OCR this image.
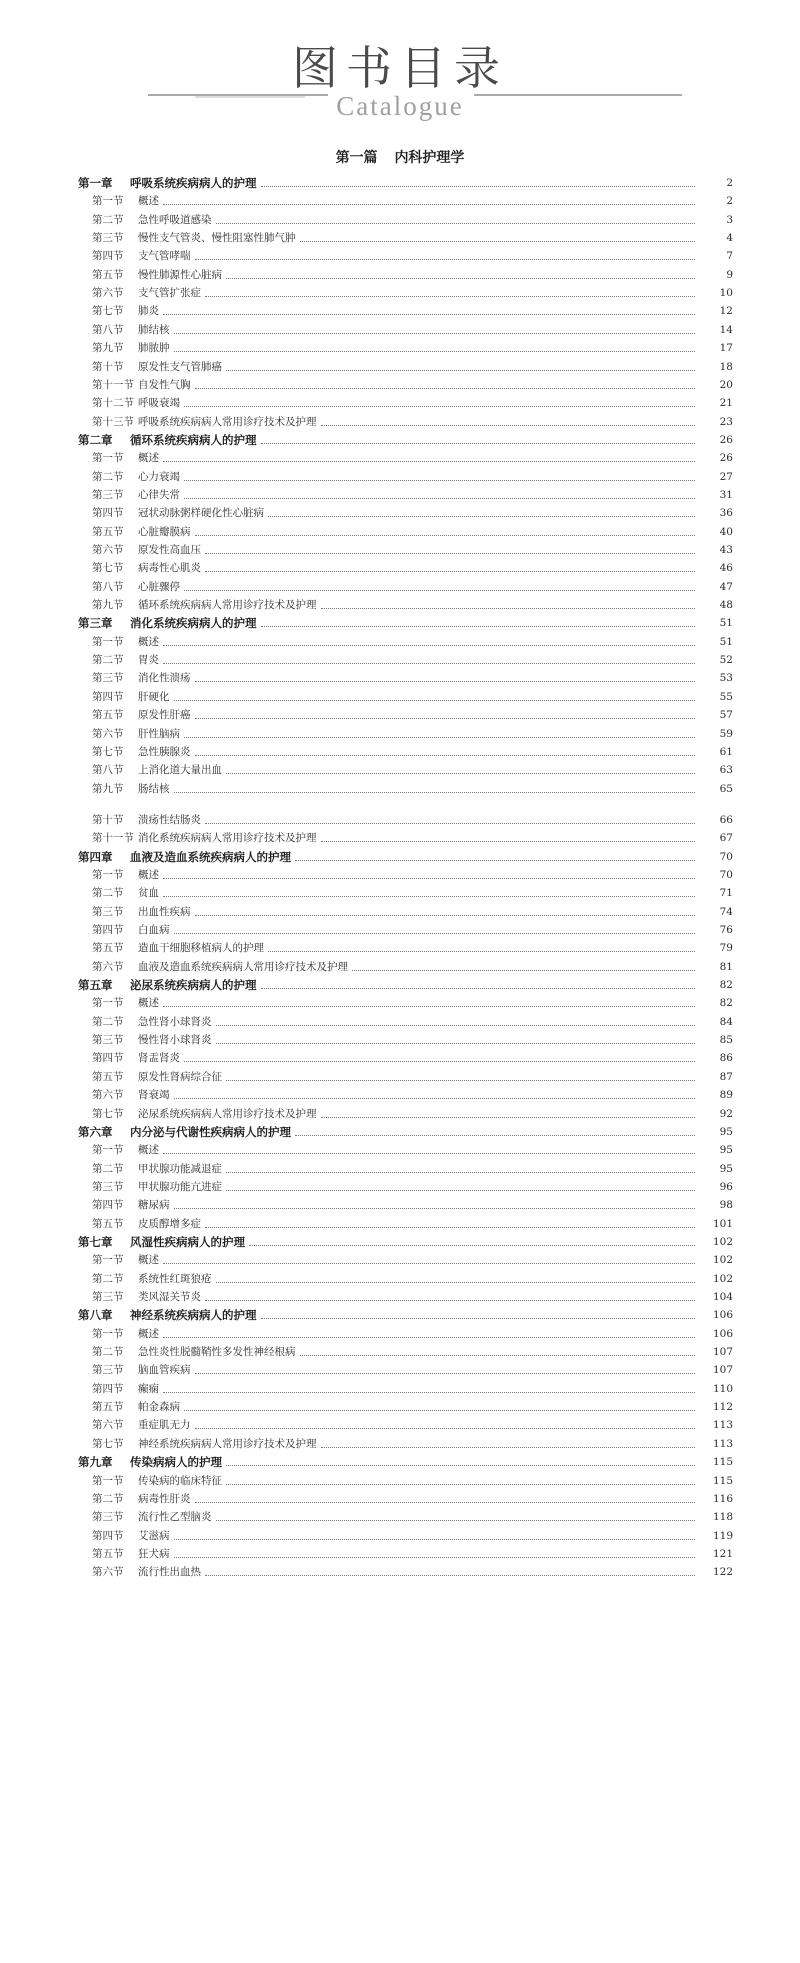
图书目录
Catalogue
第一篇 内科护理学
第一章	呼吸系统疾病病人的护理	2
第一节	概述	2
第二节	急性呼吸道感染	3
第三节	慢性支气管炎、慢性阻塞性肺气肿	4
第四节	支气管哮喘	7
第五节	慢性肺源性心脏病	9
第六节	支气管扩张症	10
第七节	肺炎	12
第八节	肺结核	14
第九节	肺脓肿	17
第十节	原发性支气管肺癌	18
第十一节 自发性气胸	20
第十二节 呼吸衰竭	21
第十三节 呼吸系统疾病病人常用诊疗技术及护理	23
第二章	循环系统疾病病人的护理	26
第一节	概述	26
第二节	心力衰竭	27
第三节	心律失常	31
第四节	冠状动脉粥样硬化性心脏病	36
第五节	心脏瓣膜病	40
第六节	原发性高血压	43
第七节	病毒性心肌炎	46
第八节	心脏骤停	47
第九节	循环系统疾病病人常用诊疗技术及护理	48
第三章	消化系统疾病病人的护理	51
第一节	概述	51
第二节	胃炎	52
第三节	消化性溃疡	53
第四节	肝硬化	55
第五节	原发性肝癌	57
第六节	肝性脑病	59
第七节	急性胰腺炎	61
第八节	上消化道大量出血	63
第九节	肠结核	65
第十节	溃疡性结肠炎	66
第十一节 消化系统疾病病人常用诊疗技术及护理	67
第四章	血液及造血系统疾病病人的护理	70
第一节	概述	70
第二节	贫血	71
第三节	出血性疾病	74
第四节	白血病	76
第五节	造血干细胞移植病人的护理	79
第六节	血液及造血系统疾病病人常用诊疗技术及护理	81
第五章	泌尿系统疾病病人的护理	82
第一节	概述	82
第二节	急性肾小球肾炎	84
第三节	慢性肾小球肾炎	85
第四节	肾盂肾炎	86
第五节	原发性肾病综合征	87
第六节	肾衰竭	89
第七节	泌尿系统疾病病人常用诊疗技术及护理	92
第六章	内分泌与代谢性疾病病人的护理	95
第一节	概述	95
第二节	甲状腺功能减退症	95
第三节	甲状腺功能亢进症	96
第四节	糖尿病	98
第五节	皮质醇增多症	101
第七章	风湿性疾病病人的护理	102
第一节	概述	102
第二节	系统性红斑狼疮	102
第三节	类风湿关节炎	104
第八章	神经系统疾病病人的护理	106
第一节	概述	106
第二节	急性炎性脱髓鞘性多发性神经根病	107
第三节	脑血管疾病	107
第四节	癫痫	110
第五节	帕金森病	112
第六节	重症肌无力	113
第七节	神经系统疾病病人常用诊疗技术及护理	113
第九章	传染病病人的护理	115
第一节	传染病的临床特征	115
第二节	病毒性肝炎	116
第三节	流行性乙型脑炎	118
第四节	艾滋病	119
第五节	狂犬病	121
第六节	流行性出血热	122
